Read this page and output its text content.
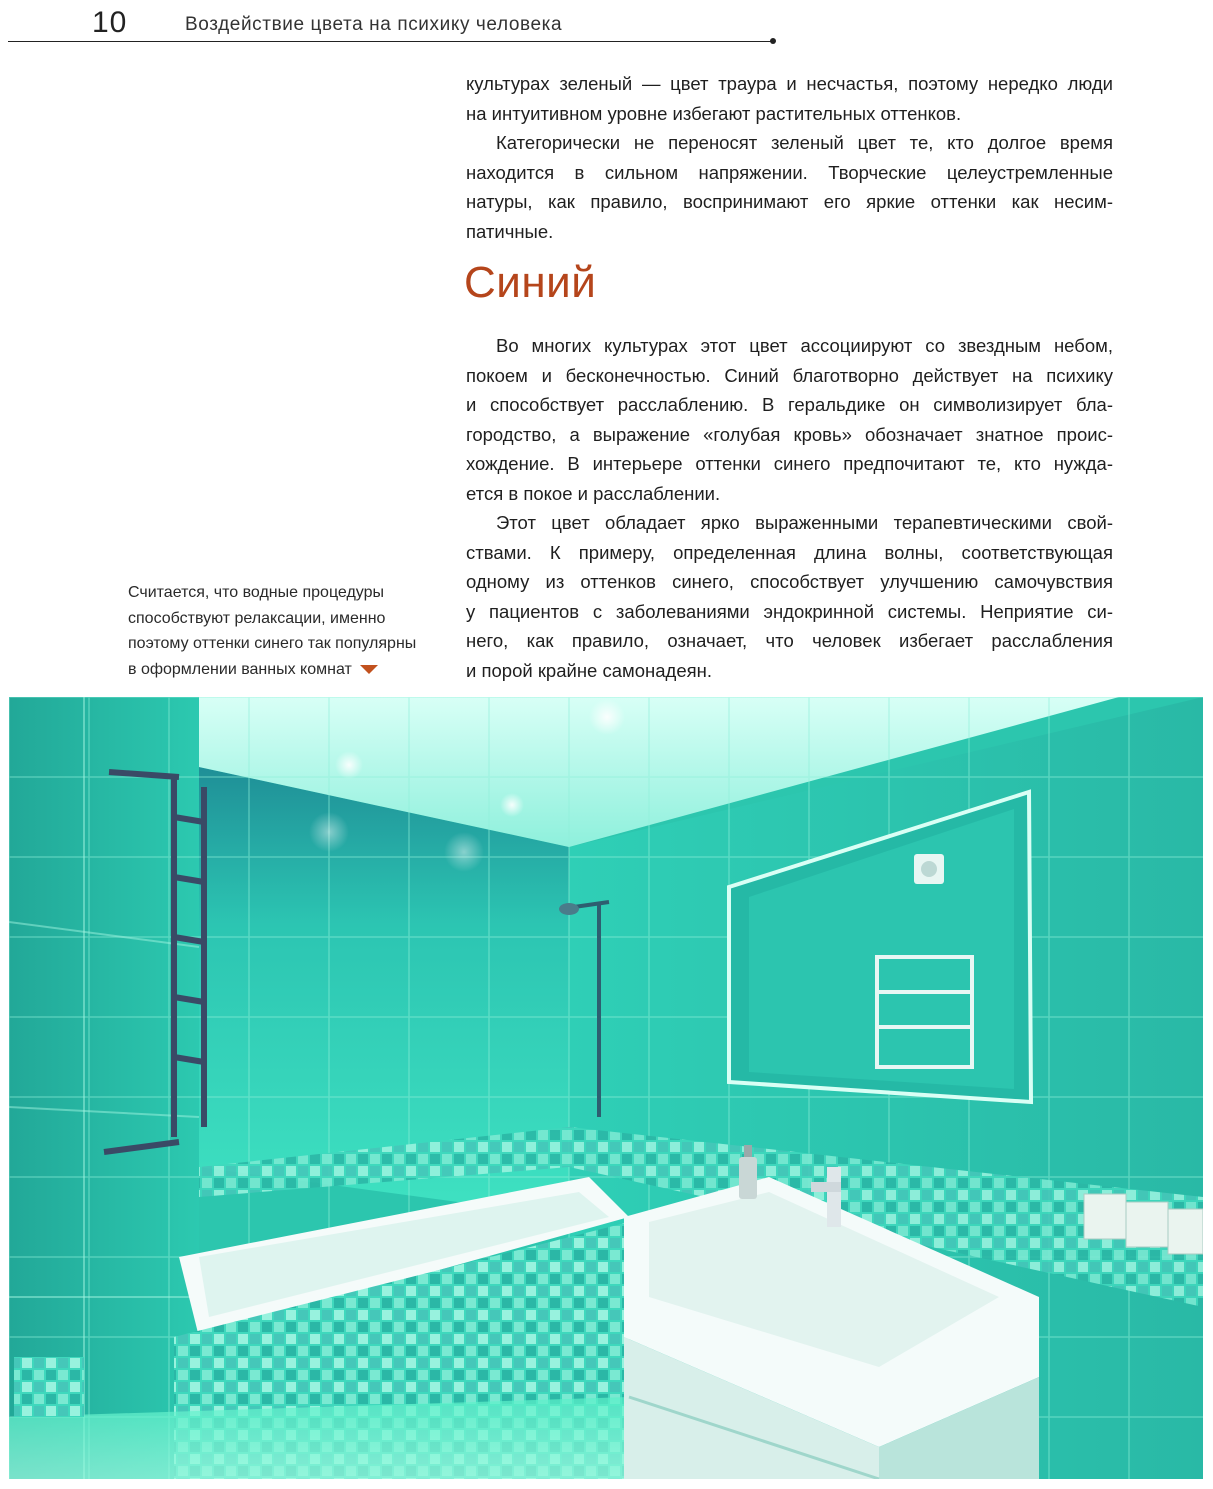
10	Воздействие цвета на психику человека
культурах зеленый — цвет траура и несчастья, поэтому нередко люди
на интуитивном уровне избегают растительных оттенков.
Категорически не переносят зеленый цвет те, кто долгое время
находится в сильном напряжении. Творческие целеустремленные
натуры, как правило, воспринимают его яркие оттенки как несим-
патичные.
Синий
Во многих культурах этот цвет ассоциируют со звездным небом,
покоем и бесконечностью. Синий благотворно действует на психику
и способствует расслаблению. В геральдике он символизирует бла-
городство, а выражение «голубая кровь» обозначает знатное проис-
хождение. В интерьере оттенки синего предпочитают те, кто нужда-
ется в покое и расслаблении.
Этот цвет обладает ярко выраженными терапевтическими свой-
ствами. К примеру, определенная длина волны, соответствующая
одному из оттенков синего, способствует улучшению самочувствия
у пациентов с заболеваниями эндокринной системы. Неприятие си-
него, как правило, означает, что человек избегает расслабления
и порой крайне самонадеян.
Считается, что водные процедуры
способствуют релаксации, именно
поэтому оттенки синего так популярны
в оформлении ванных комнат
